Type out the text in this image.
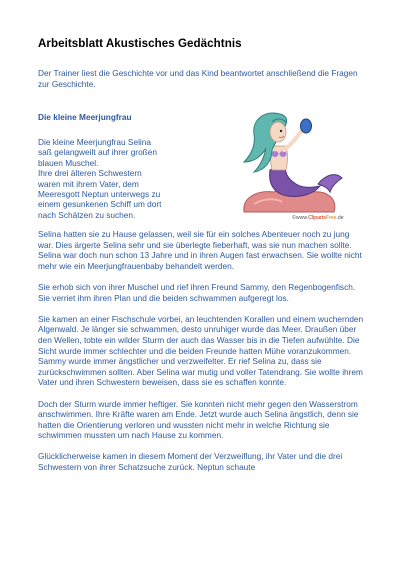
Arbeitsblatt Akustisches Gedächtnis
Der Trainer liest die Geschichte vor und das Kind beantwortet anschließend die Fragen zur Geschichte.
Die kleine Meerjungfrau
Die kleine Meerjungfrau Selina
saß gelangweilt auf ihrer großen
blauen Muschel.
Ihre drei älteren Schwestern
waren mit ihrem Vater, dem
Meeresgott Neptun unterwegs zu
einem gesunkenen Schiff um dort
nach Schätzen zu suchen.	©www.ClipartsFree.de

Selina hatten sie zu Hause gelassen, weil sie für ein solches Abenteuer noch zu jung war. Dies ärgerte Selina sehr und sie überlegte fieberhaft, was sie nun machen sollte. Selina war doch nun schon 13 Jahre und in ihren Augen fast erwachsen. Sie wollte nicht mehr wie ein Meerjungfrauenbaby behandelt werden.

Sie erhob sich von ihrer Muschel und rief ihren Freund Sammy, den Regenbogenfisch. Sie verriet ihm ihren Plan und die beiden schwammen aufgeregt los.

Sie kamen an einer Fischschule vorbei, an leuchtenden Korallen und einem wuchernden Algenwald. Je länger sie schwammen, desto unruhiger wurde das Meer. Draußen über den Wellen, tobte ein wilder Sturm der auch das Wasser bis in die Tiefen aufwühlte. Die Sicht wurde immer schlechter und die beiden Freunde hatten Mühe voranzukommen. Sammy wurde immer ängstlicher und verzweifelter. Er rief Selina zu, dass sie zurückschwimmen sollten. Aber Selina war mutig und voller Tatendrang. Sie wollte ihrem Vater und ihren Schwestern beweisen, dass sie es schaffen konnte.

Doch der Sturm wurde immer heftiger. Sie konnten nicht mehr gegen den Wasserstrom anschwimmen. Ihre Kräfte waren am Ende. Jetzt wurde auch Selina ängstlich, denn sie hatten die Orientierung verloren und wussten nicht mehr in welche Richtung sie schwimmen mussten um nach Hause zu kommen.

Glücklicherweise kamen in diesem Moment der Verzweiflung, ihr Vater und die drei Schwestern von ihrer Schatzsuche zurück. Neptun schaute
